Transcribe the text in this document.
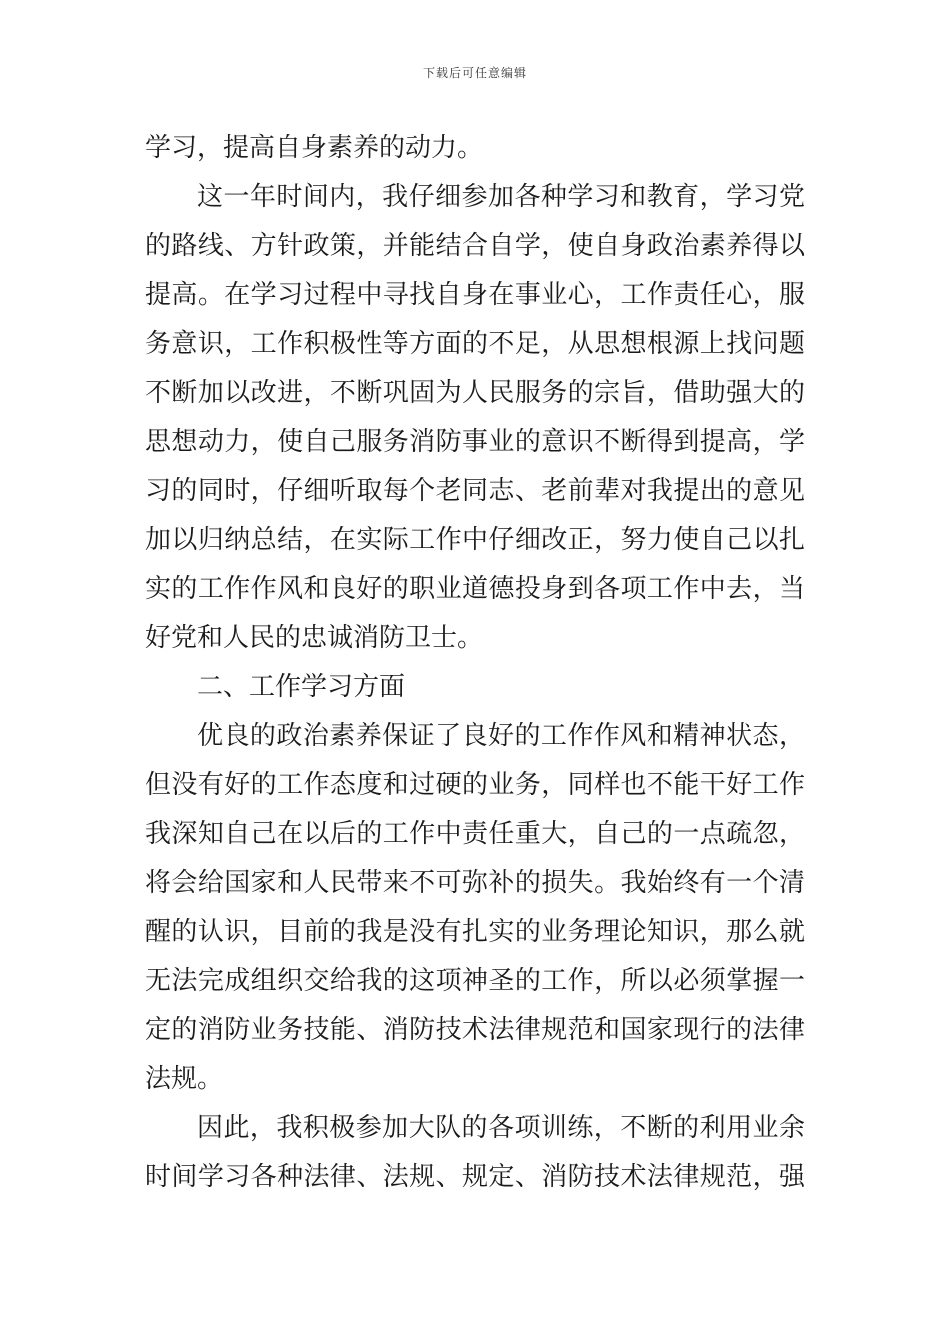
下载后可任意编辑
学习，提高自身素养的动力。
这一年时间内，我仔细参加各种学习和教育，学习党
的路线、方针政策，并能结合自学，使自身政治素养得以
提高。在学习过程中寻找自身在事业心，工作责任心，服
务意识，工作积极性等方面的不足，从思想根源上找问题
不断加以改进，不断巩固为人民服务的宗旨，借助强大的
思想动力，使自己服务消防事业的意识不断得到提高，学
习的同时，仔细听取每个老同志、老前辈对我提出的意见
加以归纳总结，在实际工作中仔细改正，努力使自己以扎
实的工作作风和良好的职业道德投身到各项工作中去，当
好党和人民的忠诚消防卫士。
二、工作学习方面
优良的政治素养保证了良好的工作作风和精神状态，
但没有好的工作态度和过硬的业务，同样也不能干好工作
我深知自己在以后的工作中责任重大，自己的一点疏忽，
将会给国家和人民带来不可弥补的损失。我始终有一个清
醒的认识，目前的我是没有扎实的业务理论知识，那么就
无法完成组织交给我的这项神圣的工作，所以必须掌握一
定的消防业务技能、消防技术法律规范和国家现行的法律
法规。
因此，我积极参加大队的各项训练，不断的利用业余
时间学习各种法律、法规、规定、消防技术法律规范，强
